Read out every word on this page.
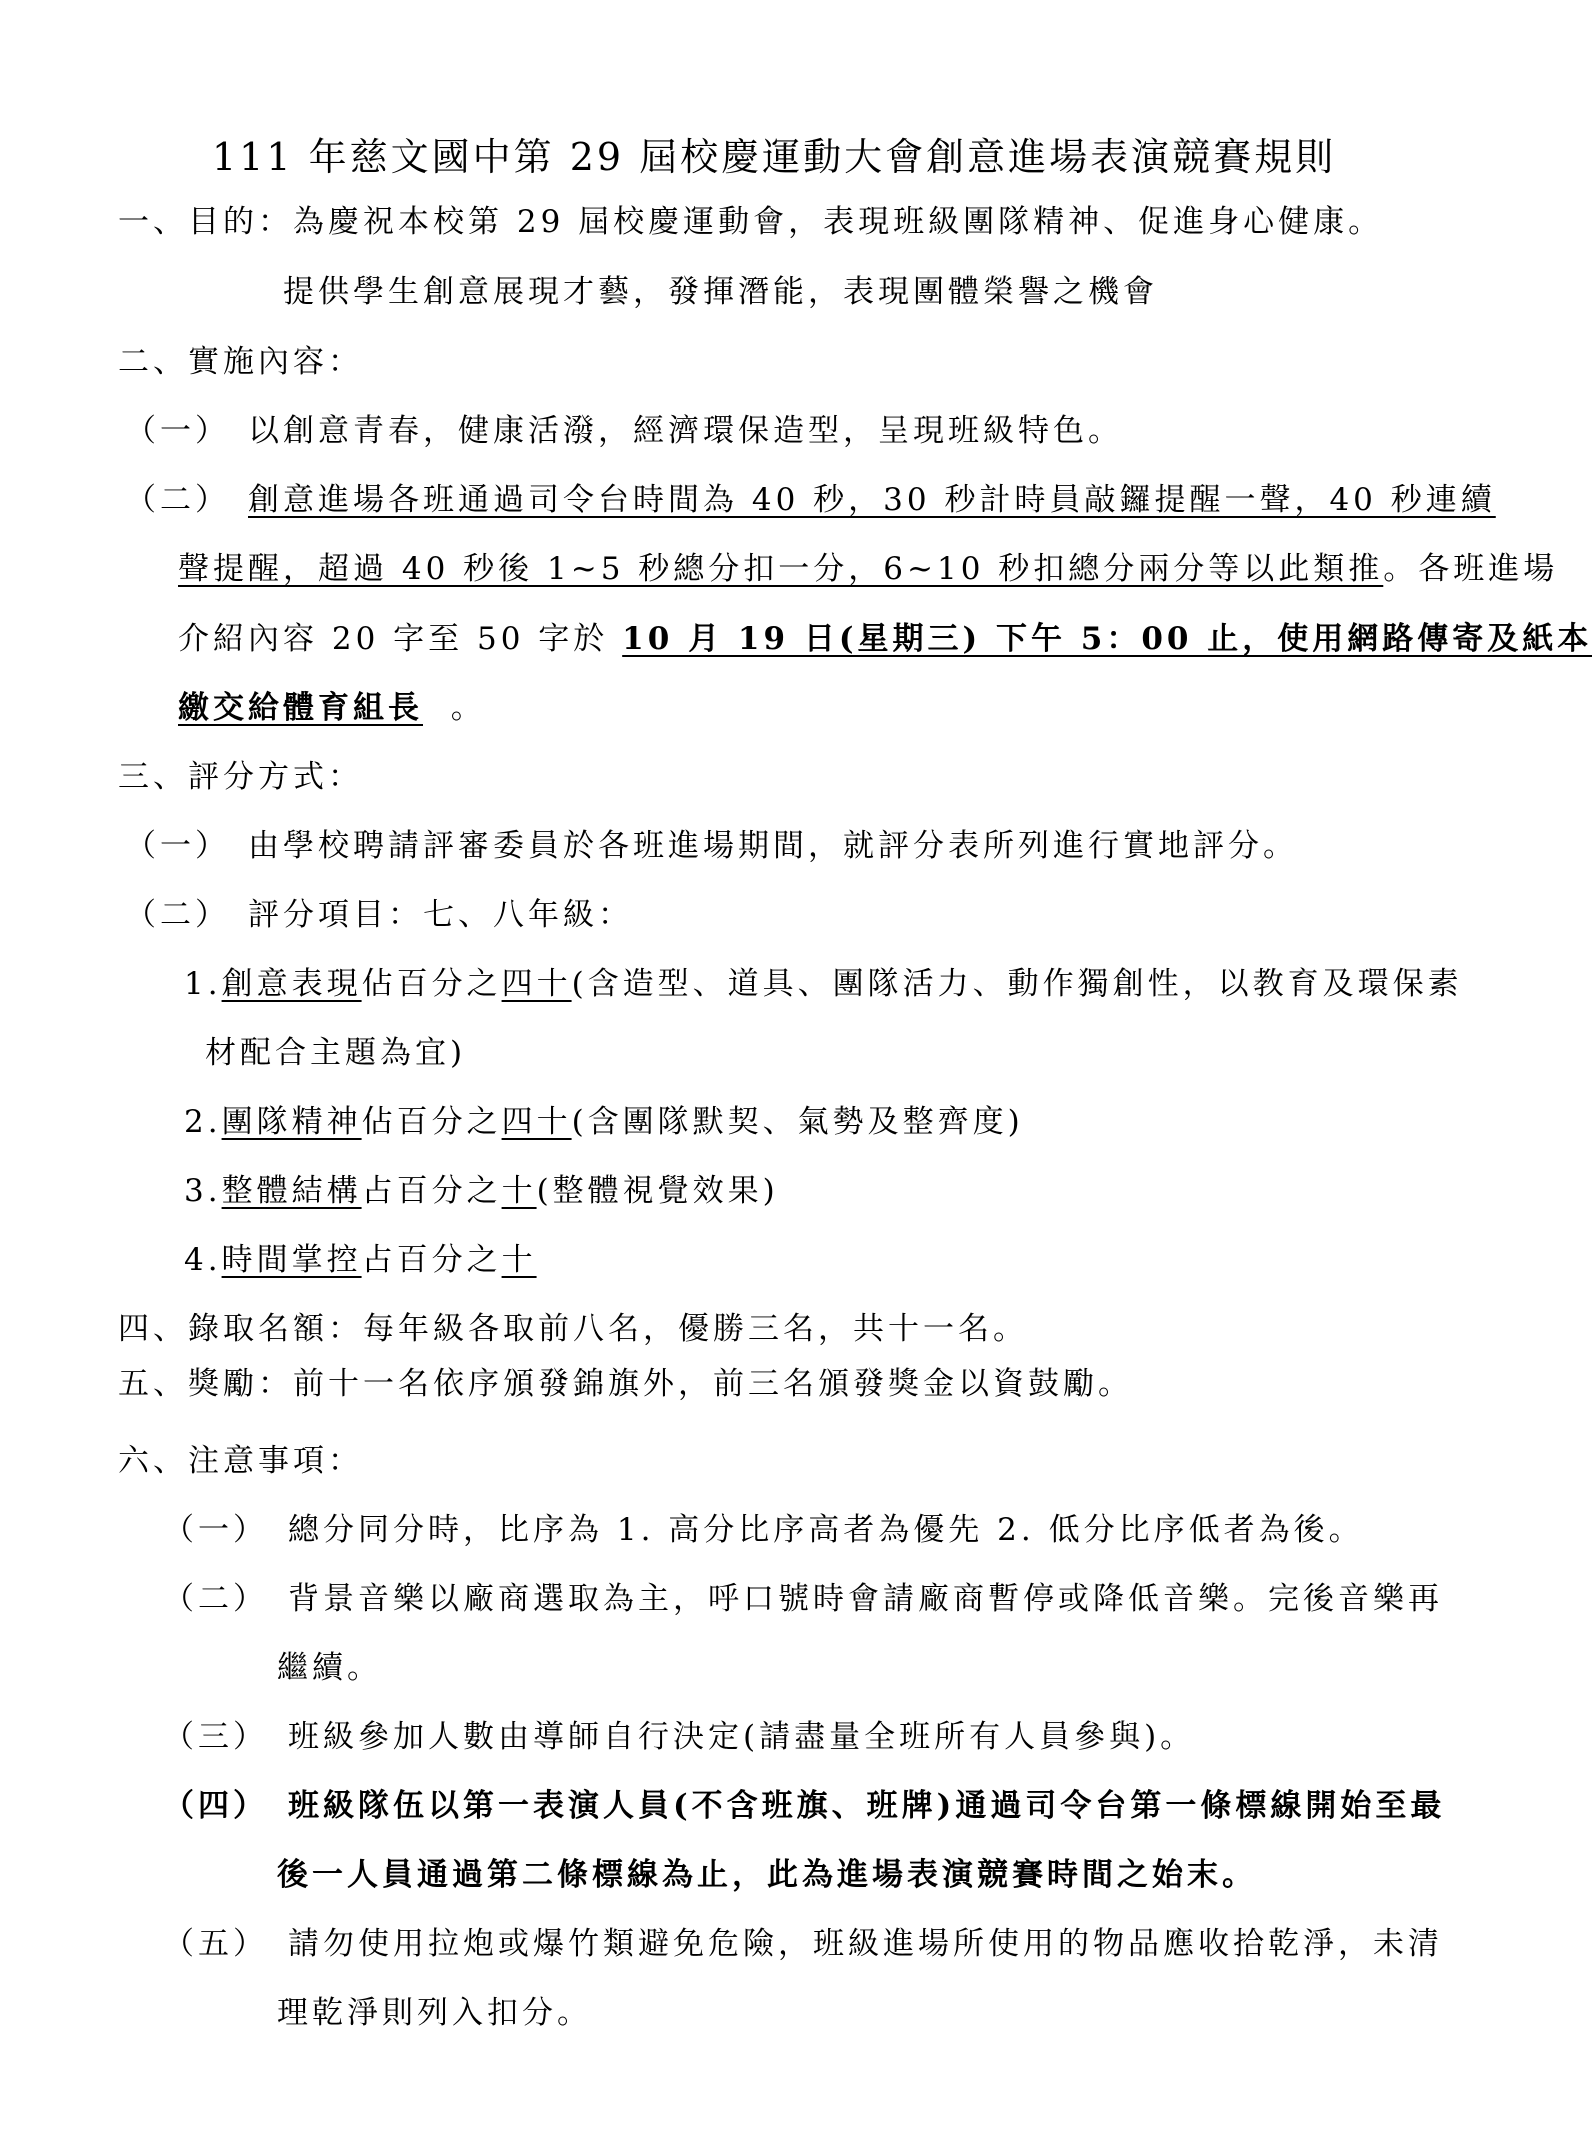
111 年慈文國中第 29 屆校慶運動大會創意進場表演競賽規則
一、目的：為慶祝本校第 29 屆校慶運動會，表現班級團隊精神、促進身心健康。
提供學生創意展現才藝，發揮潛能，表現團體榮譽之機會
二、實施內容：
（一） 以創意青春，健康活潑，經濟環保造型，呈現班級特色。
（二） 創意進場各班通過司令台時間為 40 秒，30 秒計時員敲鑼提醒一聲，40 秒連續
聲提醒，超過 40 秒後 1~5 秒總分扣一分，6~10 秒扣總分兩分等以此類推。各班進場
介紹內容 20 字至 50 字於 10 月 19 日(星期三) 下午 5：00 止，使用網路傳寄及紙本
繳交給體育組長  。
三、評分方式：
（一） 由學校聘請評審委員於各班進場期間，就評分表所列進行實地評分。
（二） 評分項目：七、八年級：
1.創意表現佔百分之四十(含造型、道具、團隊活力、動作獨創性，以教育及環保素
材配合主題為宜)
2.團隊精神佔百分之四十(含團隊默契、氣勢及整齊度)
3.整體結構占百分之十(整體視覺效果)
4.時間掌控占百分之十
四、錄取名額：每年級各取前八名，優勝三名，共十一名。
五、獎勵：前十一名依序頒發錦旗外，前三名頒發獎金以資鼓勵。
六、注意事項：
（一） 總分同分時，比序為 1. 高分比序高者為優先 2. 低分比序低者為後。
（二） 背景音樂以廠商選取為主，呼口號時會請廠商暫停或降低音樂。完後音樂再
繼續。
（三） 班級參加人數由導師自行決定(請盡量全班所有人員參與)。
（四） 班級隊伍以第一表演人員(不含班旗、班牌)通過司令台第一條標線開始至最
後一人員通過第二條標線為止，此為進場表演競賽時間之始末。
（五） 請勿使用拉炮或爆竹類避免危險，班級進場所使用的物品應收拾乾淨，未清
理乾淨則列入扣分。
